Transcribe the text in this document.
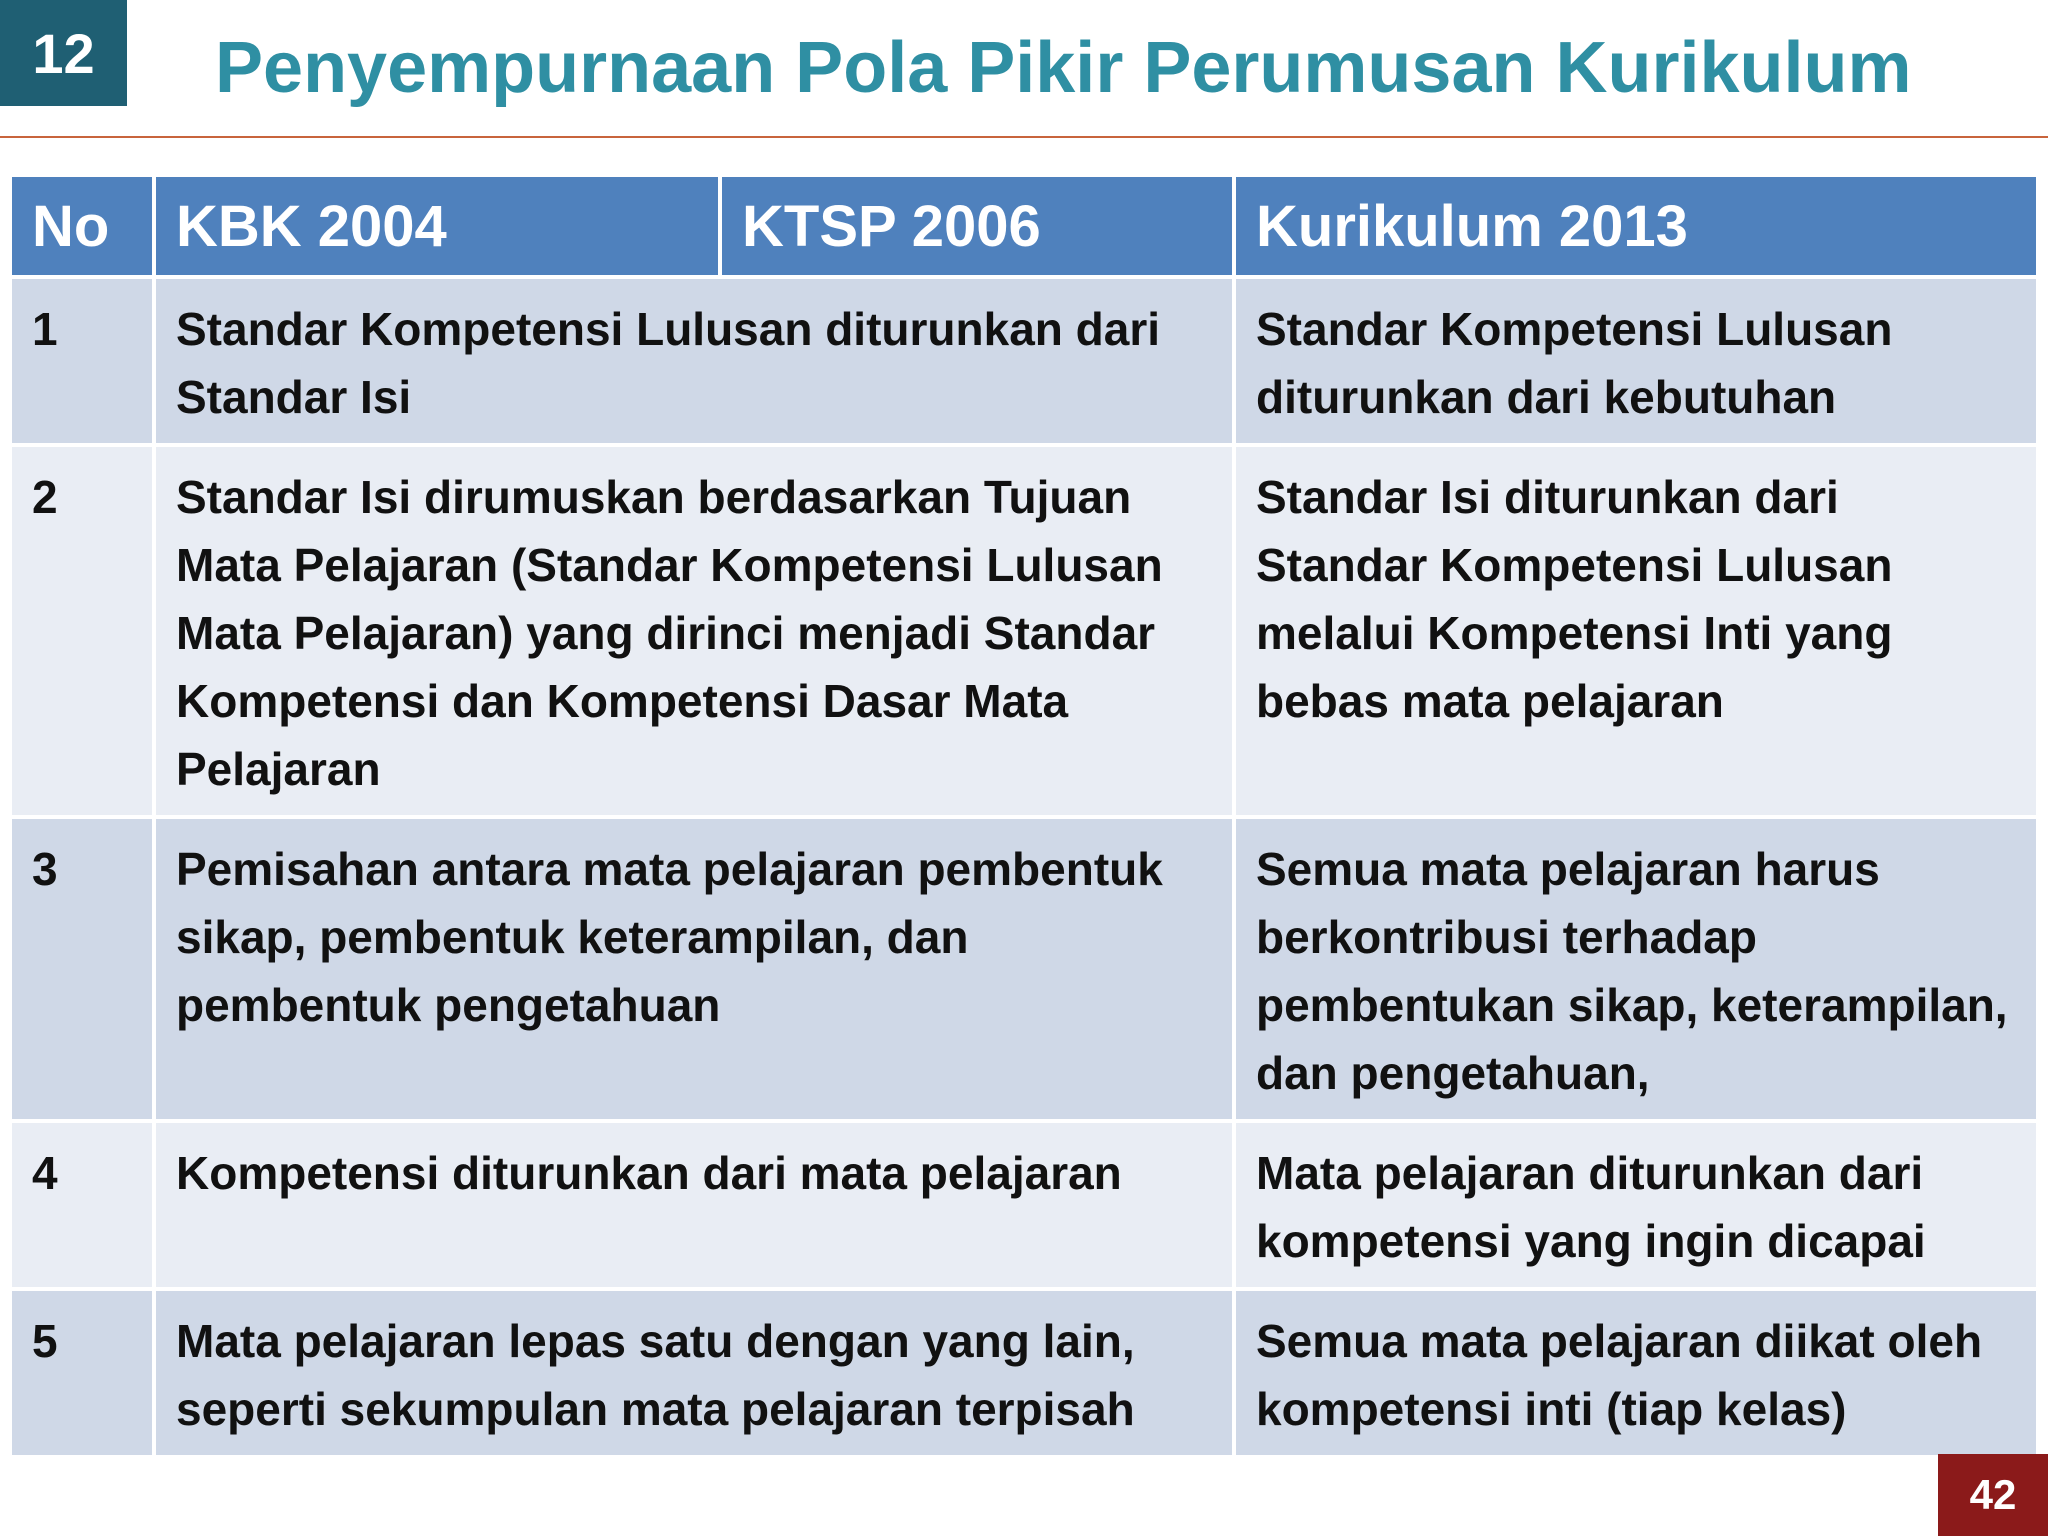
12 Penyempurnaan Pola Pikir Perumusan Kurikulum
No	KBK 2004	KTSP 2006	Kurikulum 2013
1	Standar Kompetensi Lulusan diturunkan dari Standar Isi		Standar Kompetensi Lulusan diturunkan dari kebutuhan
2	Standar Isi dirumuskan berdasarkan Tujuan Mata Pelajaran (Standar Kompetensi Lulusan Mata Pelajaran) yang dirinci menjadi Standar Kompetensi dan Kompetensi Dasar Mata Pelajaran		Standar Isi diturunkan dari Standar Kompetensi Lulusan melalui Kompetensi Inti yang bebas mata pelajaran
3	Pemisahan antara mata pelajaran pembentuk sikap, pembentuk keterampilan, dan pembentuk pengetahuan		Semua mata pelajaran harus berkontribusi terhadap pembentukan sikap, keterampilan, dan pengetahuan,
4	Kompetensi diturunkan dari mata pelajaran		Mata pelajaran diturunkan dari kompetensi yang ingin dicapai
5	Mata pelajaran lepas satu dengan yang lain, seperti sekumpulan mata pelajaran terpisah		Semua mata pelajaran diikat oleh kompetensi inti (tiap kelas)
42
